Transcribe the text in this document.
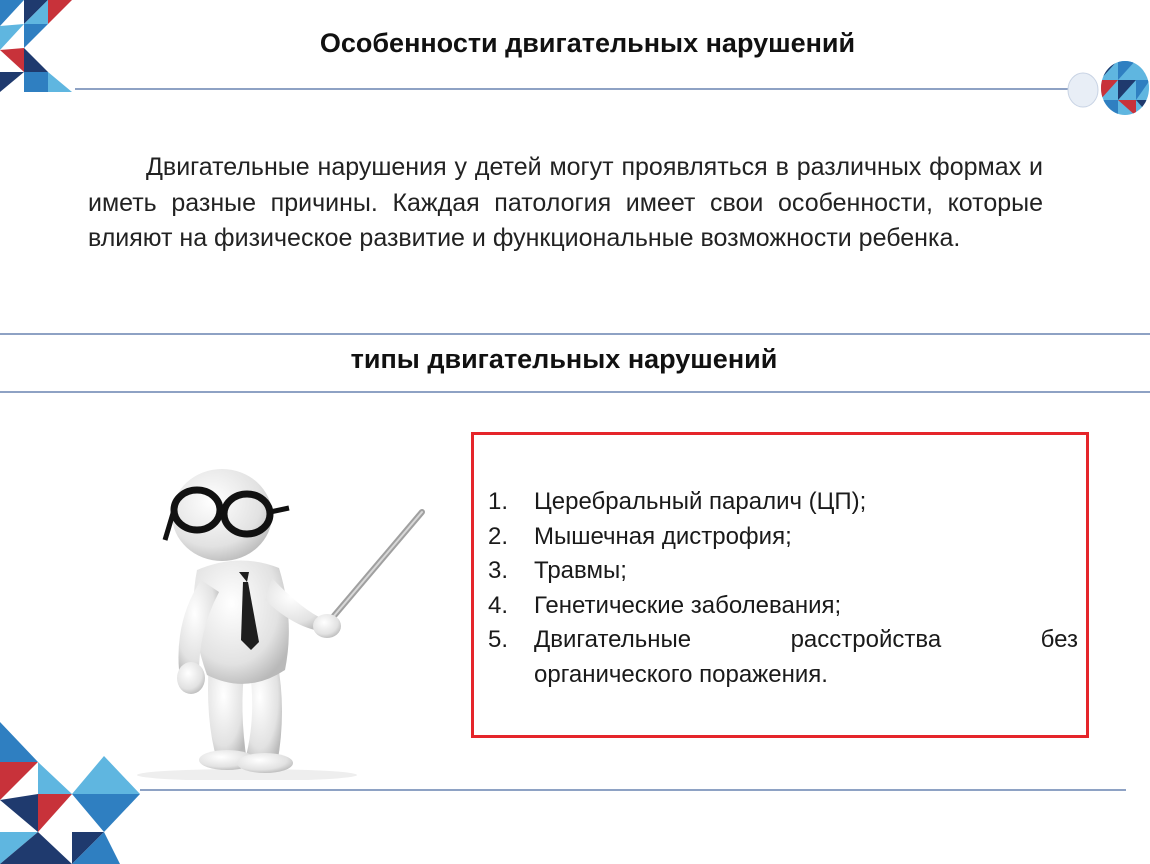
Особенности двигательных нарушений
Двигательные нарушения у детей могут проявляться в различных формах и иметь разные причины. Каждая патология имеет свои особенности, которые влияют на физическое развитие и функциональные возможности ребенка.
типы двигательных нарушений
1.	Церебральный паралич (ЦП);
2.	Мышечная дистрофия;
3.	Травмы;
4.	Генетические заболевания;
5.	Двигательные	расстройства	без
органического поражения.
